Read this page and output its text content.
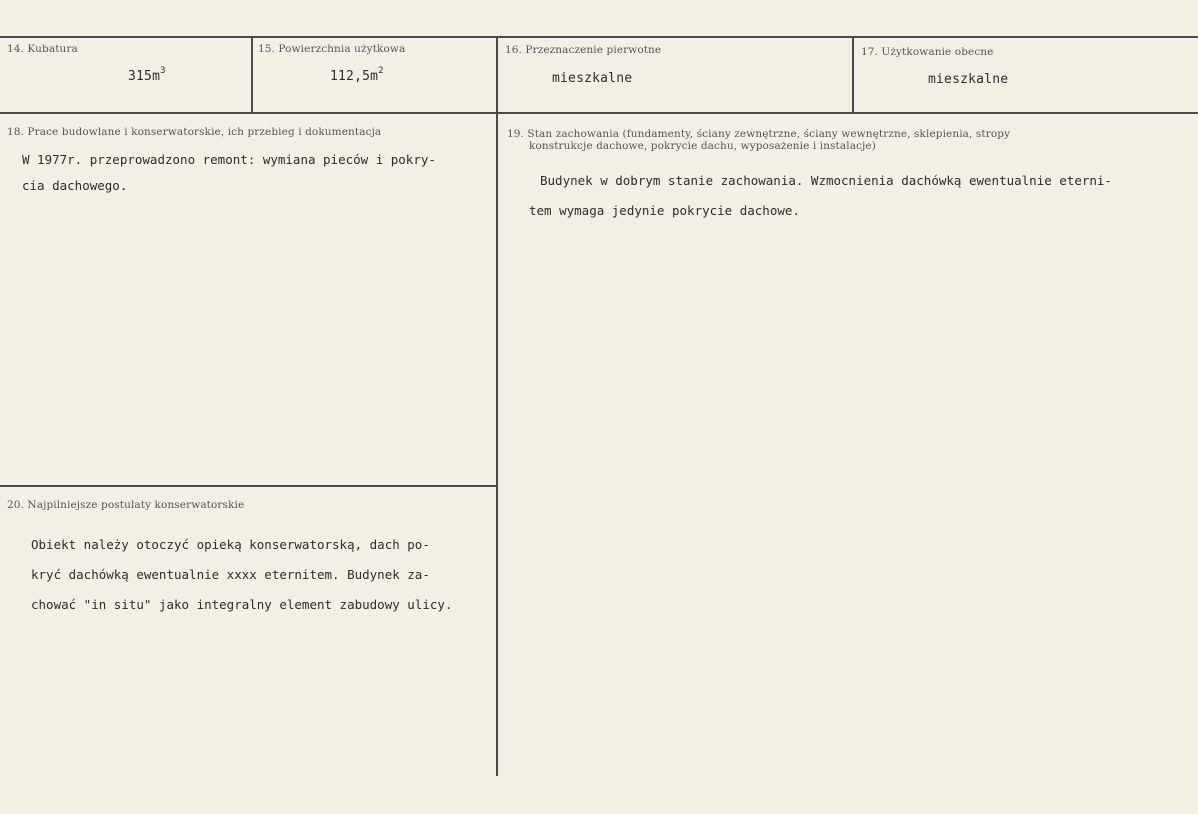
14. Kubatura
$315m^3$
15. Powierzchnia użytkowa
$112,5m^2$
16. Przeznaczenie pierwotne
mieszkalne
17. Użytkowanie obecne
mieszkalne
18. Prace budowlane i konserwatorskie, ich przebieg i dokumentacja
W 1977r. przeprowadzono remont: wymiana pieców i pokry-
cia dachowego.
19. Stan zachowania (fundamenty, ściany zewnętrzne, ściany wewnętrzne, sklepienia, stropy
konstrukcje dachowe, pokrycie dachu, wyposażenie i instalacje)
Budynek w dobrym stanie zachowania. Wzmocnienia dachówką ewentualnie eterni-
tem wymaga jedynie pokrycie dachowe.
20. Najpilniejsze postulaty konserwatorskie
Obiekt należy otoczyć opieką konserwatorską, dach po-
kryć dachówką ewentualnie xxxx eternitem. Budynek za-
chować "in situ" jako integralny element zabudowy ulicy.
